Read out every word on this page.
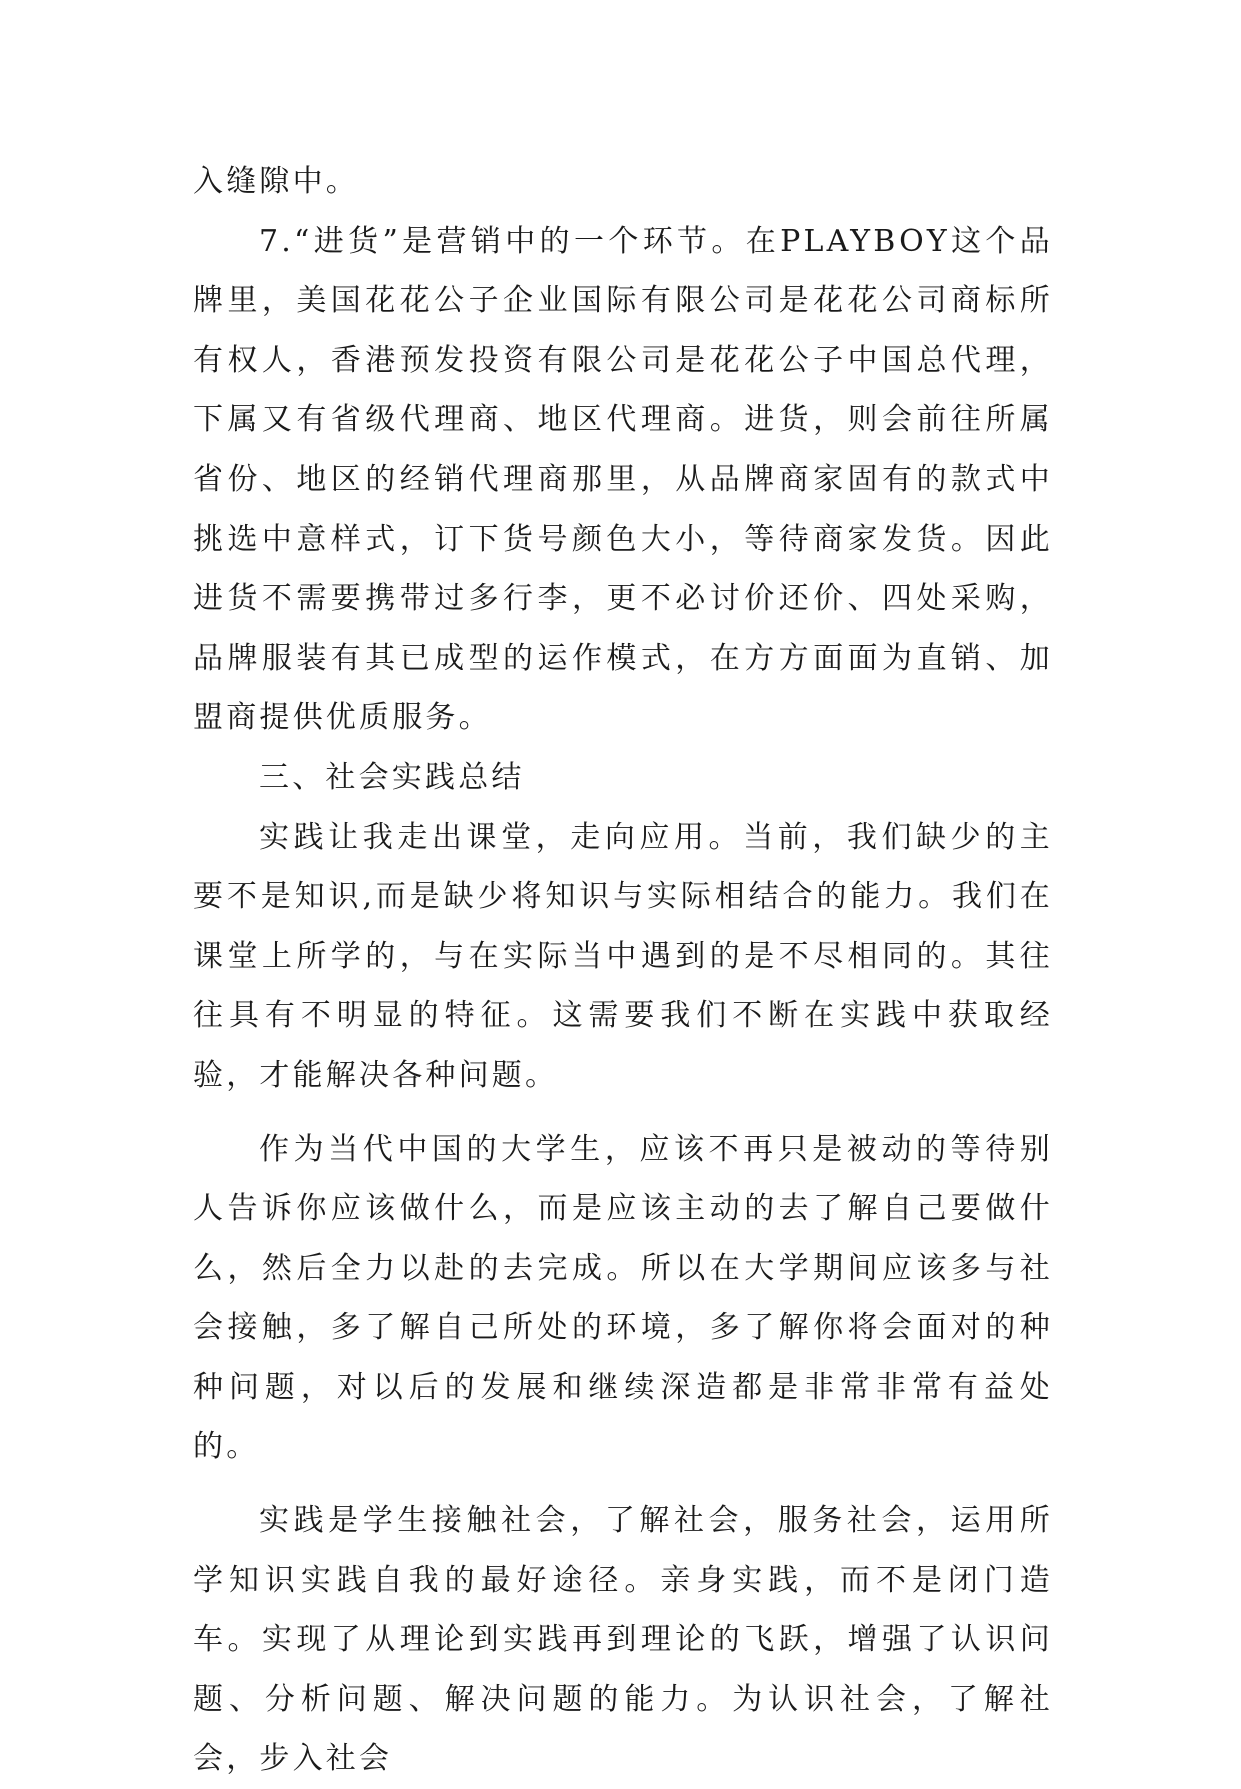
入缝隙中。

7.“进货”是营销中的一个环节。在PLAYBOY这个品牌里，美国花花公子企业国际有限公司是花花公司商标所有权人，香港预发投资有限公司是花花公子中国总代理，下属又有省级代理商、地区代理商。进货，则会前往所属省份、地区的经销代理商那里，从品牌商家固有的款式中挑选中意样式，订下货号颜色大小，等待商家发货。因此进货不需要携带过多行李，更不必讨价还价、四处采购，品牌服装有其已成型的运作模式，在方方面面为直销、加盟商提供优质服务。

三、社会实践总结

实践让我走出课堂，走向应用。当前，我们缺少的主要不是知识,而是缺少将知识与实际相结合的能力。我们在课堂上所学的，与在实际当中遇到的是不尽相同的。其往往具有不明显的特征。这需要我们不断在实践中获取经验，才能解决各种问题。

作为当代中国的大学生，应该不再只是被动的等待别人告诉你应该做什么，而是应该主动的去了解自己要做什么，然后全力以赴的去完成。所以在大学期间应该多与社会接触，多了解自己所处的环境，多了解你将会面对的种种问题，对以后的发展和继续深造都是非常非常有益处的。

实践是学生接触社会，了解社会，服务社会，运用所学知识实践自我的最好途径。亲身实践，而不是闭门造车。实现了从理论到实践再到理论的飞跃，增强了认识问题、分析问题、解决问题的能力。为认识社会，了解社会，步入社会
